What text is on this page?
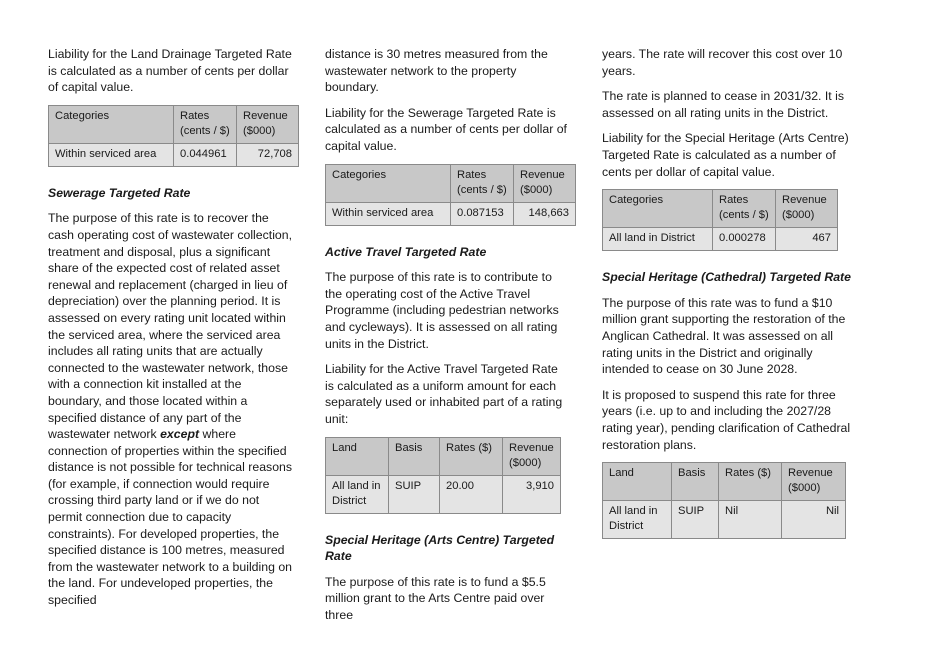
Liability for the Land Drainage Targeted Rate is calculated as a number of cents per dollar of capital value.

Categories	Rates (cents / $)	Revenue ($000)
Within serviced area	0.044961	72,708
Sewerage Targeted Rate

The purpose of this rate is to recover the cash operating cost of wastewater collection, treatment and disposal, plus a significant share of the expected cost of related asset renewal and replacement (charged in lieu of depreciation) over the planning period. It is assessed on every rating unit located within the serviced area, where the serviced area includes all rating units that are actually connected to the wastewater network, those with a connection kit installed at the boundary, and those located within a specified distance of any part of the wastewater network except where connection of properties within the specified distance is not possible for technical reasons (for example, if connection would require crossing third party land or if we do not permit connection due to capacity constraints). For developed properties, the specified distance is 100 metres, measured from the wastewater network to a building on the land. For undeveloped properties, the specified

distance is 30 metres measured from the wastewater network to the property boundary.

Liability for the Sewerage Targeted Rate is calculated as a number of cents per dollar of capital value.

Categories	Rates (cents / $)	Revenue ($000)
Within serviced area	0.087153	148,663
Active Travel Targeted Rate

The purpose of this rate is to contribute to the operating cost of the Active Travel Programme (including pedestrian networks and cycleways). It is assessed on all rating units in the District.

Liability for the Active Travel Targeted Rate is calculated as a uniform amount for each separately used or inhabited part of a rating unit:

Land	Basis	Rates ($)	Revenue ($000)
All land in District	SUIP	20.00	3,910
Special Heritage (Arts Centre) Targeted Rate

The purpose of this rate is to fund a $5.5 million grant to the Arts Centre paid over three

years. The rate will recover this cost over 10 years.

The rate is planned to cease in 2031/32. It is assessed on all rating units in the District.

Liability for the Special Heritage (Arts Centre) Targeted Rate is calculated as a number of cents per dollar of capital value.

Categories	Rates (cents / $)	Revenue ($000)
All land in District	0.000278	467
Special Heritage (Cathedral) Targeted Rate

The purpose of this rate was to fund a $10 million grant supporting the restoration of the Anglican Cathedral. It was assessed on all rating units in the District and originally intended to cease on 30 June 2028.

It is proposed to suspend this rate for three years (i.e. up to and including the 2027/28 rating year), pending clarification of Cathedral restoration plans.

Land	Basis	Rates ($)	Revenue ($000)
All land in District	SUIP	Nil	Nil
